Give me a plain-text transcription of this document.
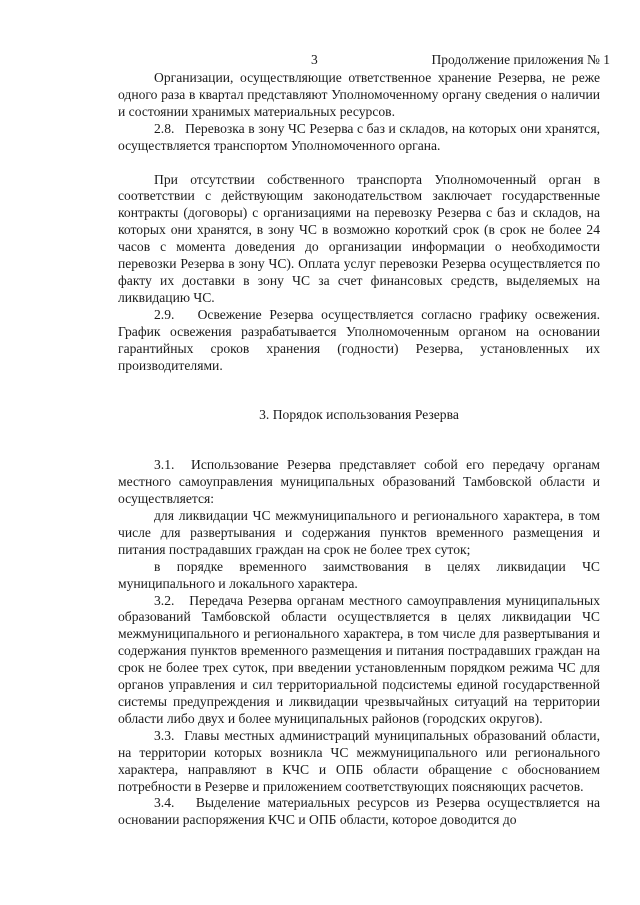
3	Продолжение приложения № 1

Организации, осуществляющие ответственное хранение Резерва, не реже одного раза в квартал представляют Уполномоченному органу сведения о наличии и состоянии хранимых материальных ресурсов.

2.8.   Перевозка в зону ЧС Резерва с баз и складов, на которых они хранятся, осуществляется транспортом Уполномоченного органа.

При отсутствии собственного транспорта Уполномоченный орган в соответствии с действующим законодательством заключает государственные контракты (договоры) с организациями на перевозку Резерва с баз и складов, на которых они хранятся, в зону ЧС в возможно короткий срок (в срок не более 24 часов с момента доведения до организации информации о необходимости перевозки Резерва в зону ЧС). Оплата услуг перевозки Резерва осуществляется по факту их доставки в зону ЧС за счет финансовых средств, выделяемых на ликвидацию ЧС.

2.9.   Освежение Резерва осуществляется согласно графику освежения. График освежения разрабатывается Уполномоченным органом на основании гарантийных сроков хранения (годности) Резерва, установленных их производителями.

3. Порядок использования Резерва

3.1.  Использование Резерва представляет собой его передачу органам местного самоуправления муниципальных образований Тамбовской области и осуществляется:

для ликвидации ЧС межмуниципального и регионального характера, в том числе для развертывания и содержания пунктов временного размещения и питания пострадавших граждан на срок не более трех суток;

в порядке временного заимствования в целях ликвидации ЧС муниципального и локального характера.

3.2.   Передача Резерва органам местного самоуправления муниципальных образований Тамбовской области осуществляется в целях ликвидации ЧС межмуниципального и регионального характера, в том числе для развертывания и содержания пунктов временного размещения и питания пострадавших граждан на срок не более трех суток, при введении установленным порядком режима ЧС для органов управления и сил территориальной подсистемы единой государственной системы предупреждения и ликвидации чрезвычайных ситуаций на территории области либо двух и более муниципальных районов (городских округов).

3.3.  Главы местных администраций муниципальных образований области, на территории которых возникла ЧС межмуниципального или регионального характера, направляют в КЧС и ОПБ области обращение с обоснованием потребности в Резерве и приложением соответствующих поясняющих расчетов.

3.4.   Выделение материальных ресурсов из Резерва осуществляется на основании распоряжения КЧС и ОПБ области, которое доводится до
